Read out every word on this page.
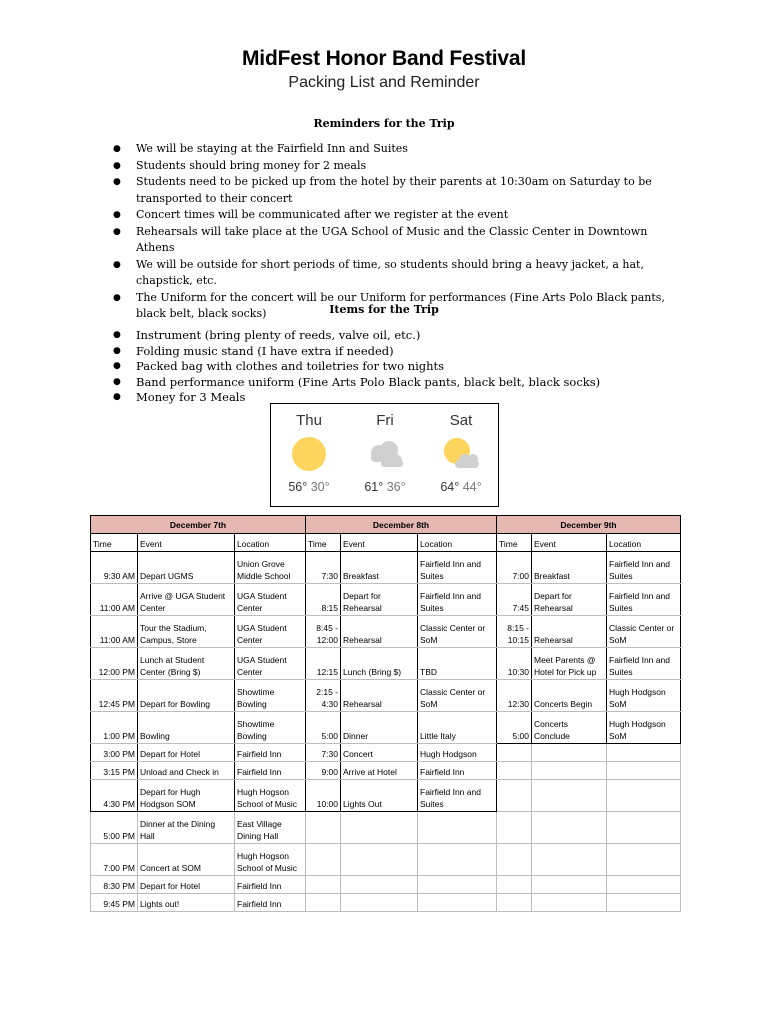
MidFest Honor Band Festival
Packing List and Reminder
Reminders for the Trip
● We will be staying at the Fairfield Inn and Suites
● Students should bring money for 2 meals
● Students need to be picked up from the hotel by their parents at 10:30am on Saturday to be transported to their concert
● Concert times will be communicated after we register at the event
● Rehearsals will take place at the UGA School of Music and the Classic Center in Downtown Athens
● We will be outside for short periods of time, so students should bring a heavy jacket, a hat, chapstick, etc.
● The Uniform for the concert will be our Uniform for performances (Fine Arts Polo Black pants, black belt, black socks)	Items for the Trip
● Instrument (bring plenty of reeds, valve oil, etc.)
● Folding music stand (I have extra if needed)
● Packed bag with clothes and toiletries for two nights
● Band performance uniform (Fine Arts Polo Black pants, black belt, black socks)
● Money for 3 Meals
Thu
56° 30°
Fri
61° 36°
Sat
64° 44°
December 7th			December 8th			December 9th		
Time	Event	Location	Time	Event	Location	Time	Event	Location
9:30 AM	Depart UGMS	Union Grove Middle School	7:30	Breakfast	Fairfield Inn and Suites	7:00	Breakfast	Fairfield Inn and Suites
11:00 AM	Arrive @ UGA Student Center	UGA Student Center	8:15	Depart for Rehearsal	Fairfield Inn and Suites	7:45	Depart for Rehearsal	Fairfield Inn and Suites
11:00 AM	Tour the Stadium, Campus, Store	UGA Student Center	8:45 - 12:00	Rehearsal	Classic Center or SoM	8:15 - 10:15	Rehearsal	Classic Center or SoM
12:00 PM	Lunch at Student Center (Bring $)	UGA Student Center	12:15	Lunch (Bring $)	TBD	10:30	Meet Parents @ Hotel for Pick up	Fairfield Inn and Suites
12:45 PM	Depart for Bowling	Showtime Bowling	2:15 - 4:30	Rehearsal	Classic Center or SoM	12:30	Concerts Begin	Hugh Hodgson SoM
1:00 PM	Bowling	Showtime Bowling	5:00	Dinner	Little Italy	5:00	Concerts Conclude	Hugh Hodgson SoM
3:00 PM	Depart for Hotel	Fairfield Inn	7:30	Concert	Hugh Hodgson			
3:15 PM	Unload and Check in	Fairfield Inn	9:00	Arrive at Hotel	Fairfield Inn			
4:30 PM	Depart for Hugh Hodgson SOM	Hugh Hogson School of Music	10:00	Lights Out	Fairfield Inn and Suites			
5:00 PM	Dinner at the Dining Hall	East Village Dining Hall						
7:00 PM	Concert at SOM	Hugh Hogson School of Music						
8:30 PM	Depart for Hotel	Fairfield Inn						
9:45 PM	Lights out!	Fairfield Inn						
